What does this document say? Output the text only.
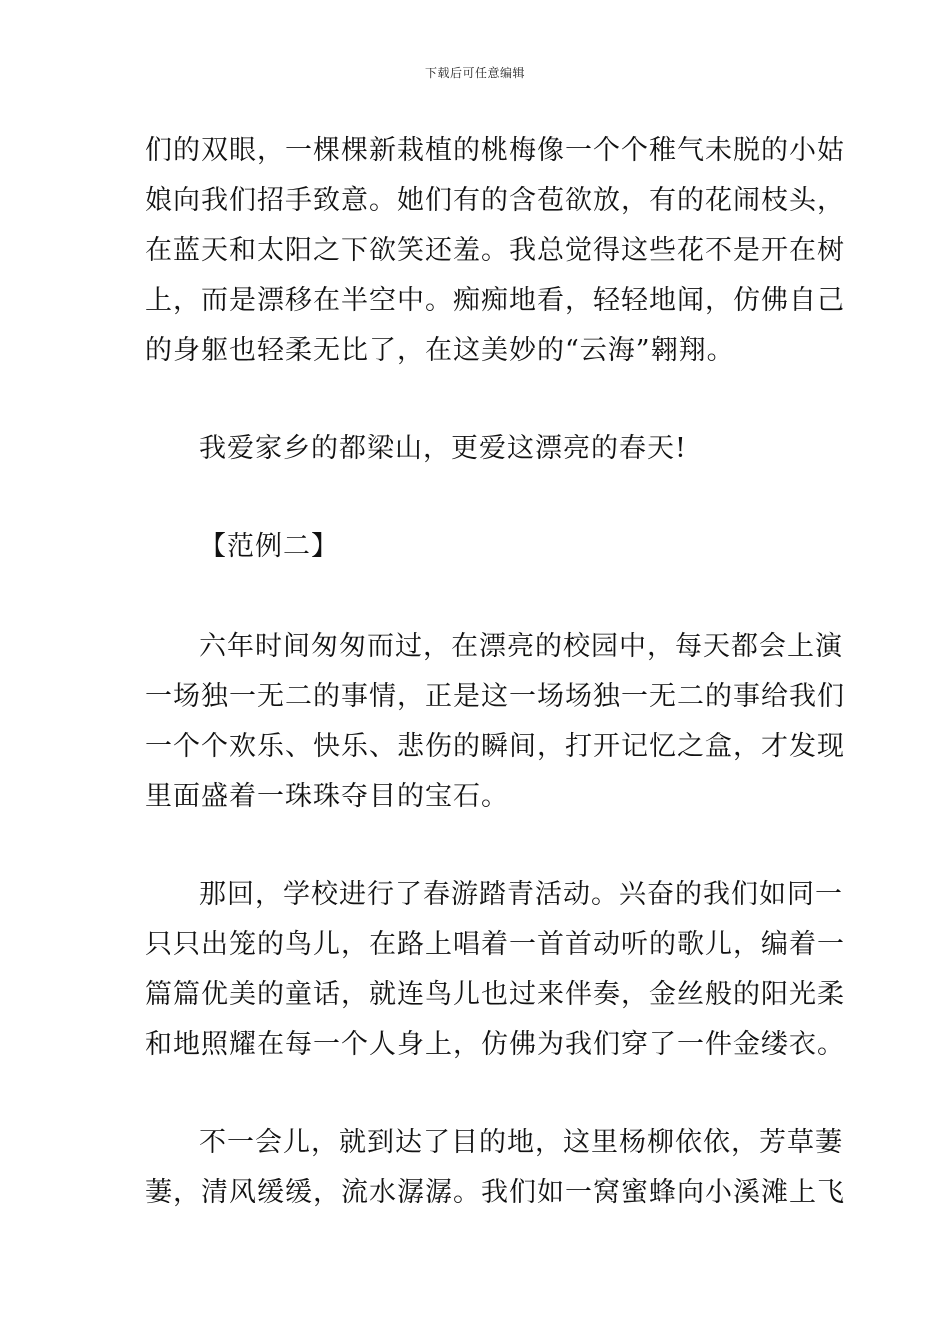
下载后可任意编辑
们的双眼，一棵棵新栽植的桃梅像一个个稚气未脱的小姑
娘向我们招手致意。她们有的含苞欲放，有的花闹枝头，
在蓝天和太阳之下欲笑还羞。我总觉得这些花不是开在树
上，而是漂移在半空中。痴痴地看，轻轻地闻，仿佛自己
的身躯也轻柔无比了，在这美妙的“云海”翱翔。
我爱家乡的都梁山，更爱这漂亮的春天!
【范例二】
六年时间匆匆而过，在漂亮的校园中，每天都会上演
一场独一无二的事情，正是这一场场独一无二的事给我们
一个个欢乐、快乐、悲伤的瞬间，打开记忆之盒，才发现
里面盛着一珠珠夺目的宝石。
那回，学校进行了春游踏青活动。兴奋的我们如同一
只只出笼的鸟儿，在路上唱着一首首动听的歌儿，编着一
篇篇优美的童话，就连鸟儿也过来伴奏，金丝般的阳光柔
和地照耀在每一个人身上，仿佛为我们穿了一件金缕衣。
不一会儿，就到达了目的地，这里杨柳依依，芳草萋
萋，清风缓缓，流水潺潺。我们如一窝蜜蜂向小溪滩上飞
